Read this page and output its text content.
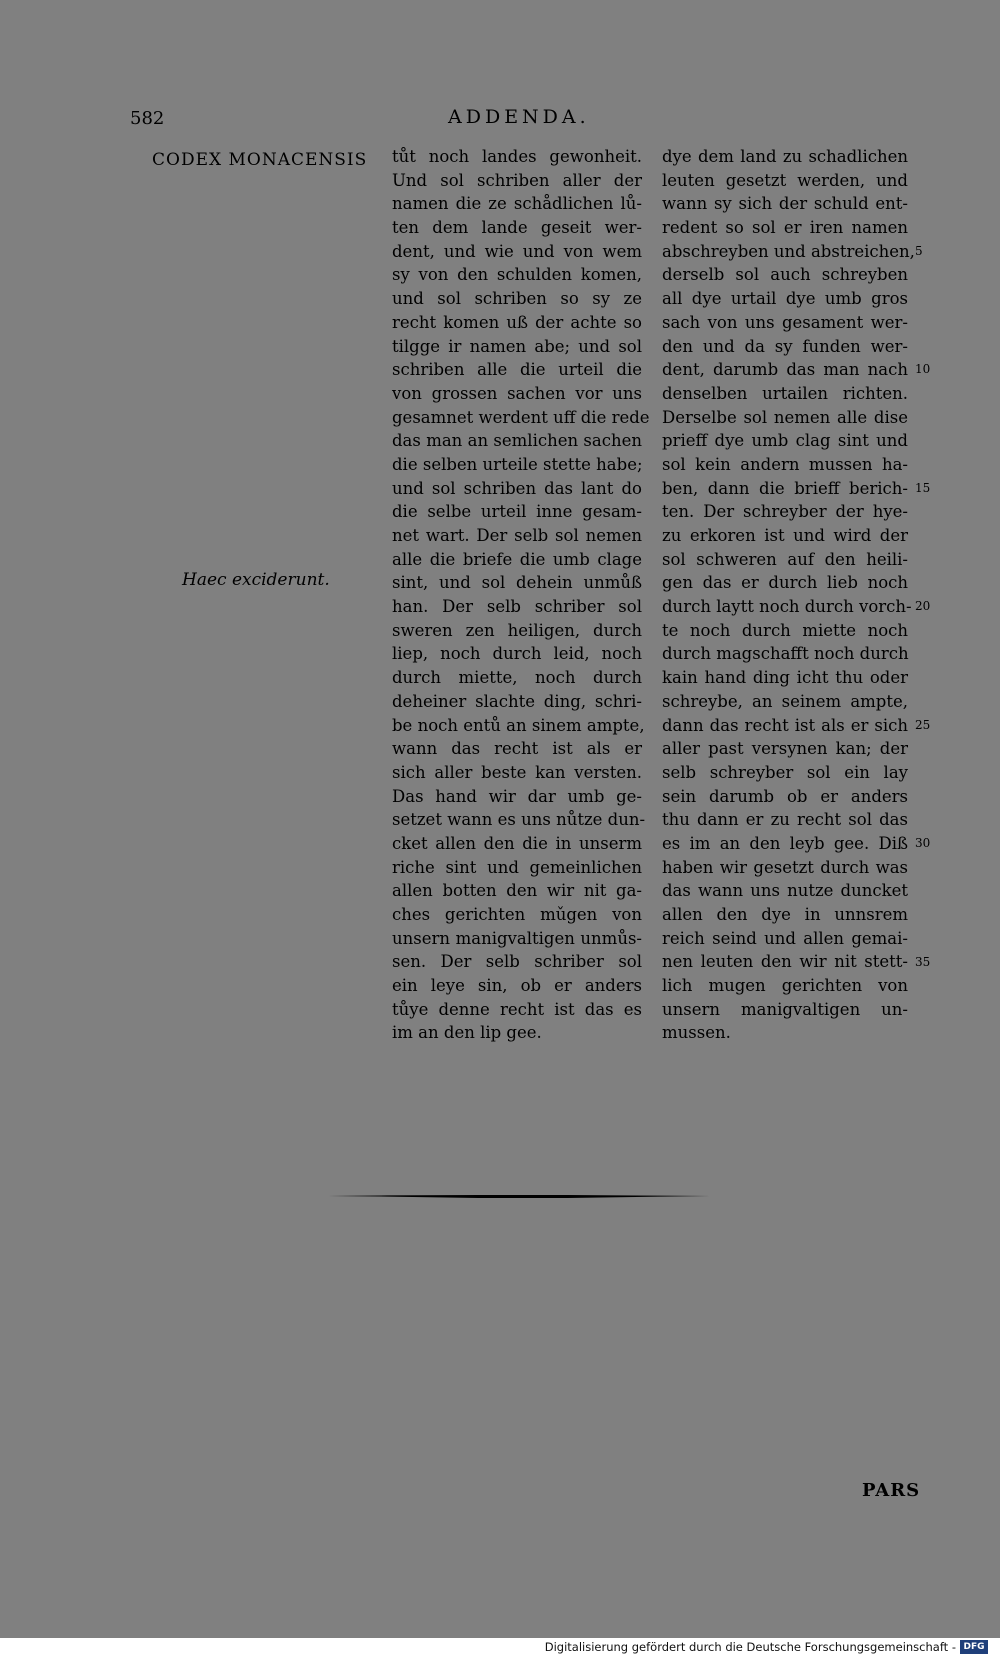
582	ADDENDA.
CODEX MONACENSIS
Haec exciderunt.
tůt noch landes gewonheit.
Und sol schriben aller der
namen die ze schådlichen lů-
ten dem lande geseit wer-
dent, und wie und von wem
sy von den schulden komen,
und sol schriben so sy ze
recht komen uß der achte so
tilgge ir namen abe; und sol
schriben alle die urteil die
von grossen sachen vor uns
gesamnet werdent uff die rede
das man an semlichen sachen
die selben urteile stette habe;
und sol schriben das lant do
die selbe urteil inne gesam-
net wart. Der selb sol nemen
alle die briefe die umb clage
sint, und sol dehein unmůß
han. Der selb schriber sol
sweren zen heiligen, durch
liep, noch durch leid, noch
durch miette, noch durch
deheiner slachte ding, schri-
be noch entů an sinem ampte,
wann das recht ist als er
sich aller beste kan versten.
Das hand wir dar umb ge-
setzet wann es uns nůtze dun-
cket allen den die in unserm
riche sint und gemeinlichen
allen botten den wir nit ga-
ches gerichten mǔgen von
unsern manigvaltigen unmůs-
sen. Der selb schriber sol
ein leye sin, ob er anders
tůye denne recht ist das es
im an den lip gee.
dye dem land zu schadlichen
leuten gesetzt werden, und
wann sy sich der schuld ent-
redent so sol er iren namen
abschreyben und abstreichen,
derselb sol auch schreyben
all dye urtail dye umb gros
sach von uns gesament wer-
den und da sy funden wer-
dent, darumb das man nach
denselben urtailen richten.
Derselbe sol nemen alle dise
prieff dye umb clag sint und
sol kein andern mussen ha-
ben, dann die brieff berich-
ten. Der schreyber der hye-
zu erkoren ist und wird der
sol schweren auf den heili-
gen das er durch lieb noch
durch laytt noch durch vorch-
te noch durch miette noch
durch magschafft noch durch
kain hand ding icht thu oder
schreybe, an seinem ampte,
dann das recht ist als er sich
aller past versynen kan; der
selb schreyber sol ein lay
sein darumb ob er anders
thu dann er zu recht sol das
es im an den leyb gee. Diß
haben wir gesetzt durch was
das wann uns nutze duncket
allen den dye in unnsrem
reich seind und allen gemai-
nen leuten den wir nit stett-
lich mugen gerichten von
unsern manigvaltigen un-
mussen.
5
10
15
20
25
30
35
PARS
Digitalisierung gefördert durch die Deutsche Forschungsgemeinschaft - DFG
